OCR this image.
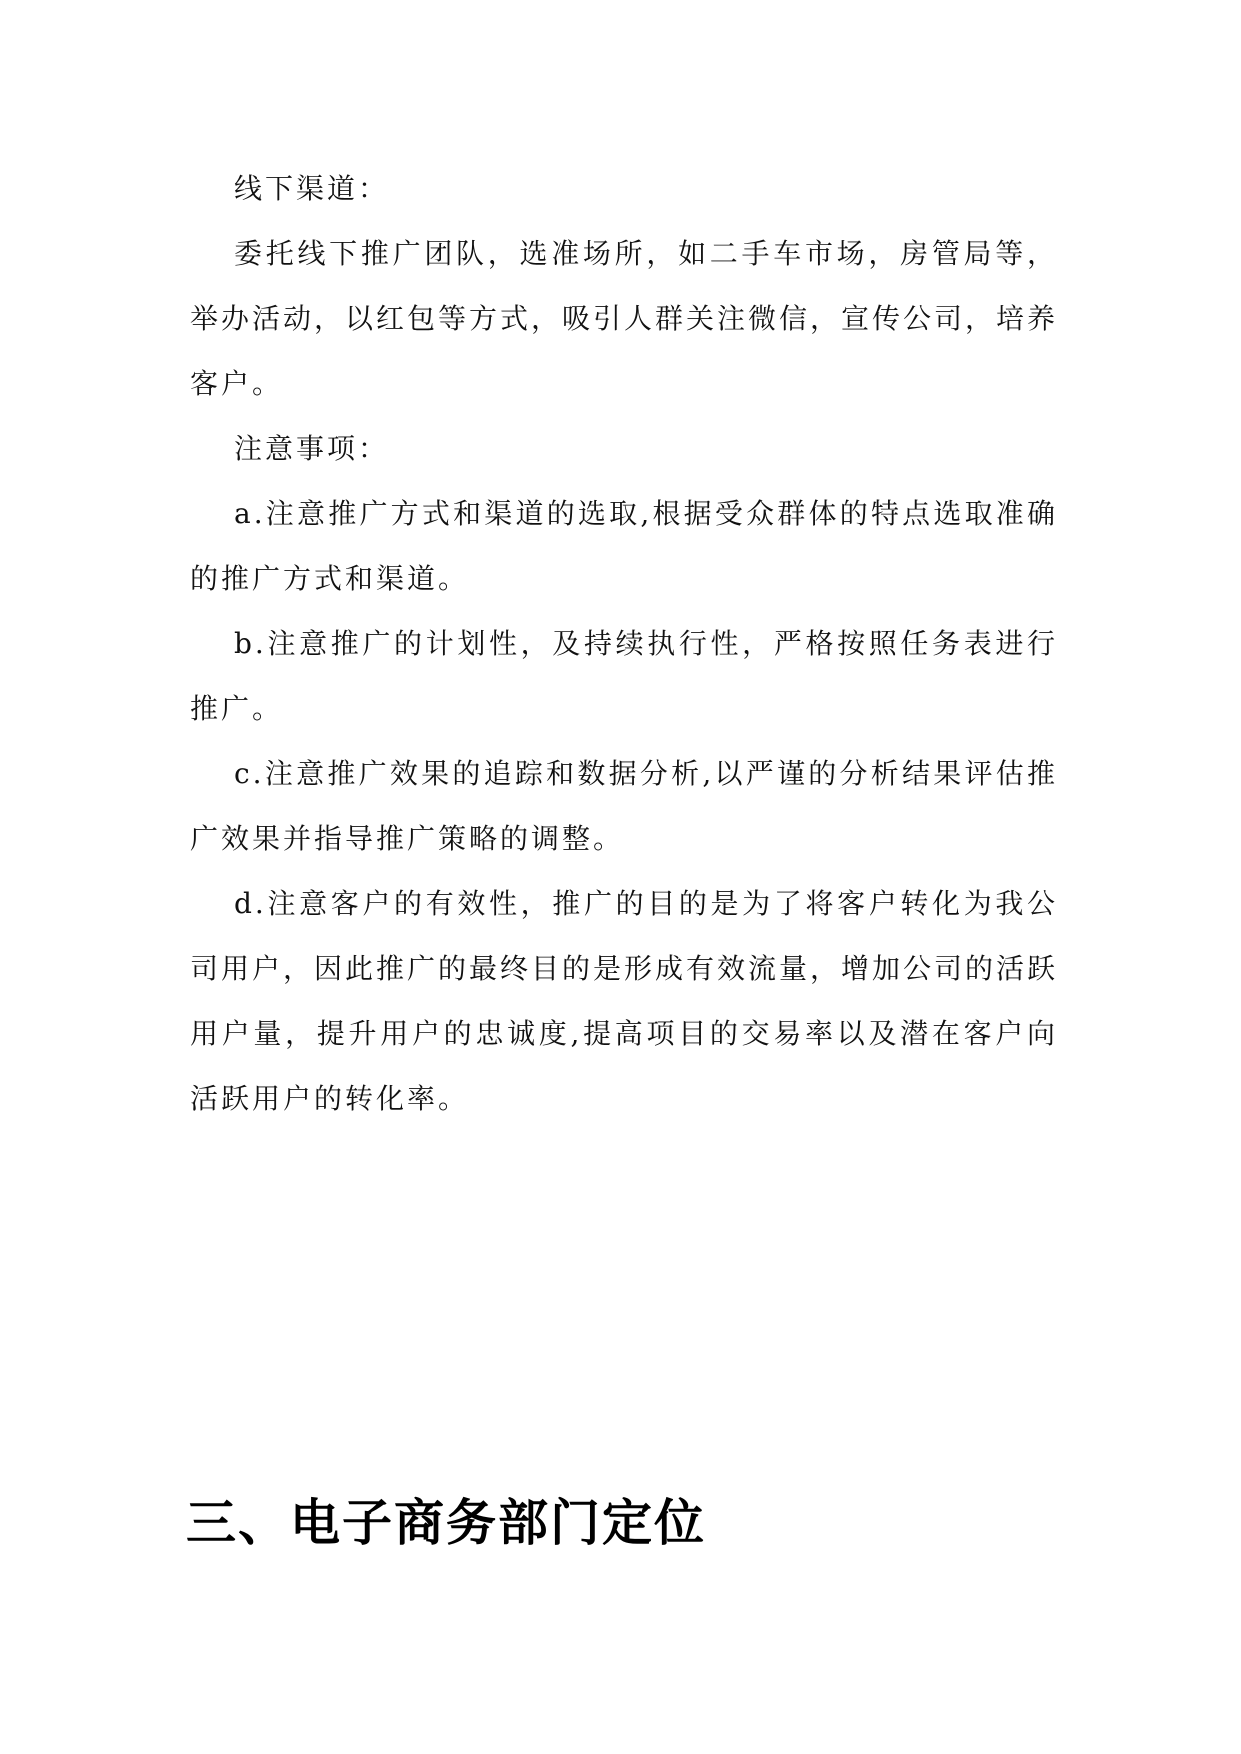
线下渠道：

委托线下推广团队，选准场所，如二手车市场，房管局等，举办活动，以红包等方式，吸引人群关注微信，宣传公司，培养客户。

注意事项：

a.注意推广方式和渠道的选取,根据受众群体的特点选取准确的推广方式和渠道。

b.注意推广的计划性，及持续执行性，严格按照任务表进行推广。

c.注意推广效果的追踪和数据分析,以严谨的分析结果评估推广效果并指导推广策略的调整。

d.注意客户的有效性，推广的目的是为了将客户转化为我公司用户，因此推广的最终目的是形成有效流量，增加公司的活跃用户量，提升用户的忠诚度,提高项目的交易率以及潜在客户向活跃用户的转化率。

三、电子商务部门定位
